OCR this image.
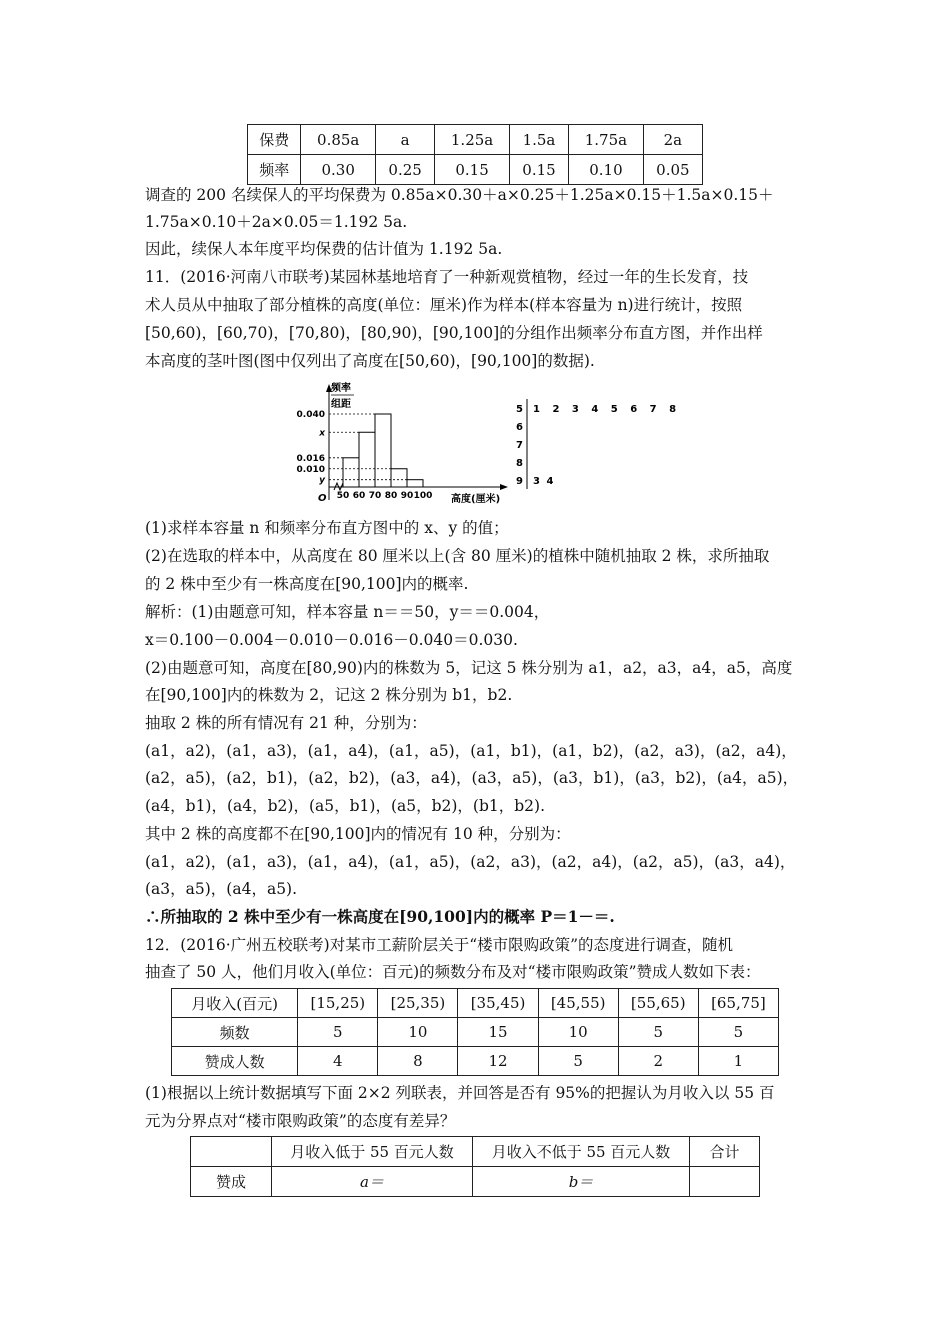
保费	0.85a	a	1.25a	1.5a	1.75a	2a
频率	0.30	0.25	0.15	0.15	0.10	0.05
调查的 200 名续保人的平均保费为 0.85a×0.30＋a×0.25＋1.25a×0.15＋1.5a×0.15＋
1.75a×0.10＋2a×0.05＝1.192 5a.
因此，续保人本年度平均保费的估计值为 1.192 5a.
11．(2016·河南八市联考)某园林基地培育了一种新观赏植物，经过一年的生长发育，技
术人员从中抽取了部分植株的高度(单位：厘米)作为样本(样本容量为 n)进行统计，按照
[50,60)，[60,70)，[70,80)，[80,90)，[90,100]的分组作出频率分布直方图，并作出样
本高度的茎叶图(图中仅列出了高度在[50,60)，[90,100]的数据).
频率
组距
O	高度(厘米)
0.040
x
0.016
0.010
y
50 60 70 80 90 100
5
6
7
8
9
1 2 3 4 5 6 7 8
3 4
(1)求样本容量 n 和频率分布直方图中的 x、y 的值；
(2)在选取的样本中，从高度在 80 厘米以上(含 80 厘米)的植株中随机抽取 2 株，求所抽取
的 2 株中至少有一株高度在[90,100]内的概率.
解析：(1)由题意可知，样本容量 n＝＝50，y＝＝0.004，
x＝0.100－0.004－0.010－0.016－0.040＝0.030.
(2)由题意可知，高度在[80,90)内的株数为 5，记这 5 株分别为 a1，a2，a3，a4，a5，高度
在[90,100]内的株数为 2，记这 2 株分别为 b1，b2.
抽取 2 株的所有情况有 21 种，分别为：
(a1，a2)，(a1，a3)，(a1，a4)，(a1，a5)，(a1，b1)，(a1，b2)，(a2，a3)，(a2，a4)，
(a2，a5)，(a2，b1)，(a2，b2)，(a3，a4)，(a3，a5)，(a3，b1)，(a3，b2)，(a4，a5)，
(a4，b1)，(a4，b2)，(a5，b1)，(a5，b2)，(b1，b2).
其中 2 株的高度都不在[90,100]内的情况有 10 种，分别为：
(a1，a2)，(a1，a3)，(a1，a4)，(a1，a5)，(a2，a3)，(a2，a4)，(a2，a5)，(a3，a4)，
(a3，a5)，(a4，a5).
∴所抽取的 2 株中至少有一株高度在[90,100]内的概率 P＝1－＝.
12．(2016·广州五校联考)对某市工薪阶层关于“楼市限购政策”的态度进行调查，随机
抽查了 50 人，他们月收入(单位：百元)的频数分布及对“楼市限购政策”赞成人数如下表：
月收入(百元)	[15,25)	[25,35)	[35,45)	[45,55)	[55,65)	[65,75]
频数	5	10	15	10	5	5
赞成人数	4	8	12	5	2	1
(1)根据以上统计数据填写下面 2×2 列联表，并回答是否有 95%的把握认为月收入以 55 百
元为分界点对“楼市限购政策”的态度有差异？
	月收入低于 55 百元人数	月收入不低于 55 百元人数	合计
赞成	a＝	b＝	
